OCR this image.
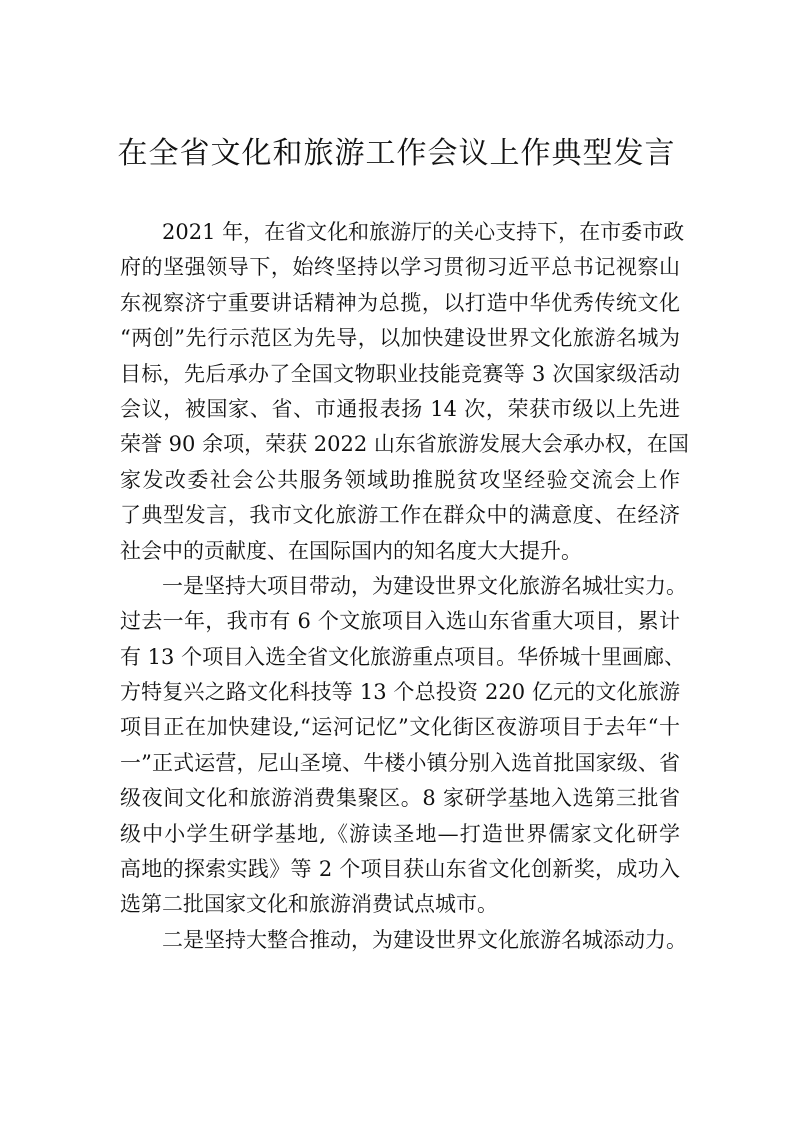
在全省文化和旅游工作会议上作典型发言
2021 年，在省文化和旅游厅的关心支持下，在市委市政
府的坚强领导下，始终坚持以学习贯彻习近平总书记视察山
东视察济宁重要讲话精神为总揽，以打造中华优秀传统文化
“两创”先行示范区为先导，以加快建设世界文化旅游名城为
目标，先后承办了全国文物职业技能竞赛等 3 次国家级活动
会议，被国家、省、市通报表扬 14 次，荣获市级以上先进
荣誉 90 余项，荣获 2022 山东省旅游发展大会承办权，在国
家发改委社会公共服务领域助推脱贫攻坚经验交流会上作
了典型发言，我市文化旅游工作在群众中的满意度、在经济
社会中的贡献度、在国际国内的知名度大大提升。
一是坚持大项目带动，为建设世界文化旅游名城壮实力。
过去一年，我市有 6 个文旅项目入选山东省重大项目，累计
有 13 个项目入选全省文化旅游重点项目。华侨城十里画廊、
方特复兴之路文化科技等 13 个总投资 220 亿元的文化旅游
项目正在加快建设,“运河记忆”文化街区夜游项目于去年“十
一”正式运营，尼山圣境、牛楼小镇分别入选首批国家级、省
级夜间文化和旅游消费集聚区。8 家研学基地入选第三批省
级中小学生研学基地,《游读圣地—打造世界儒家文化研学
高地的探索实践》等 2 个项目获山东省文化创新奖，成功入
选第二批国家文化和旅游消费试点城市。
二是坚持大整合推动，为建设世界文化旅游名城添动力。
